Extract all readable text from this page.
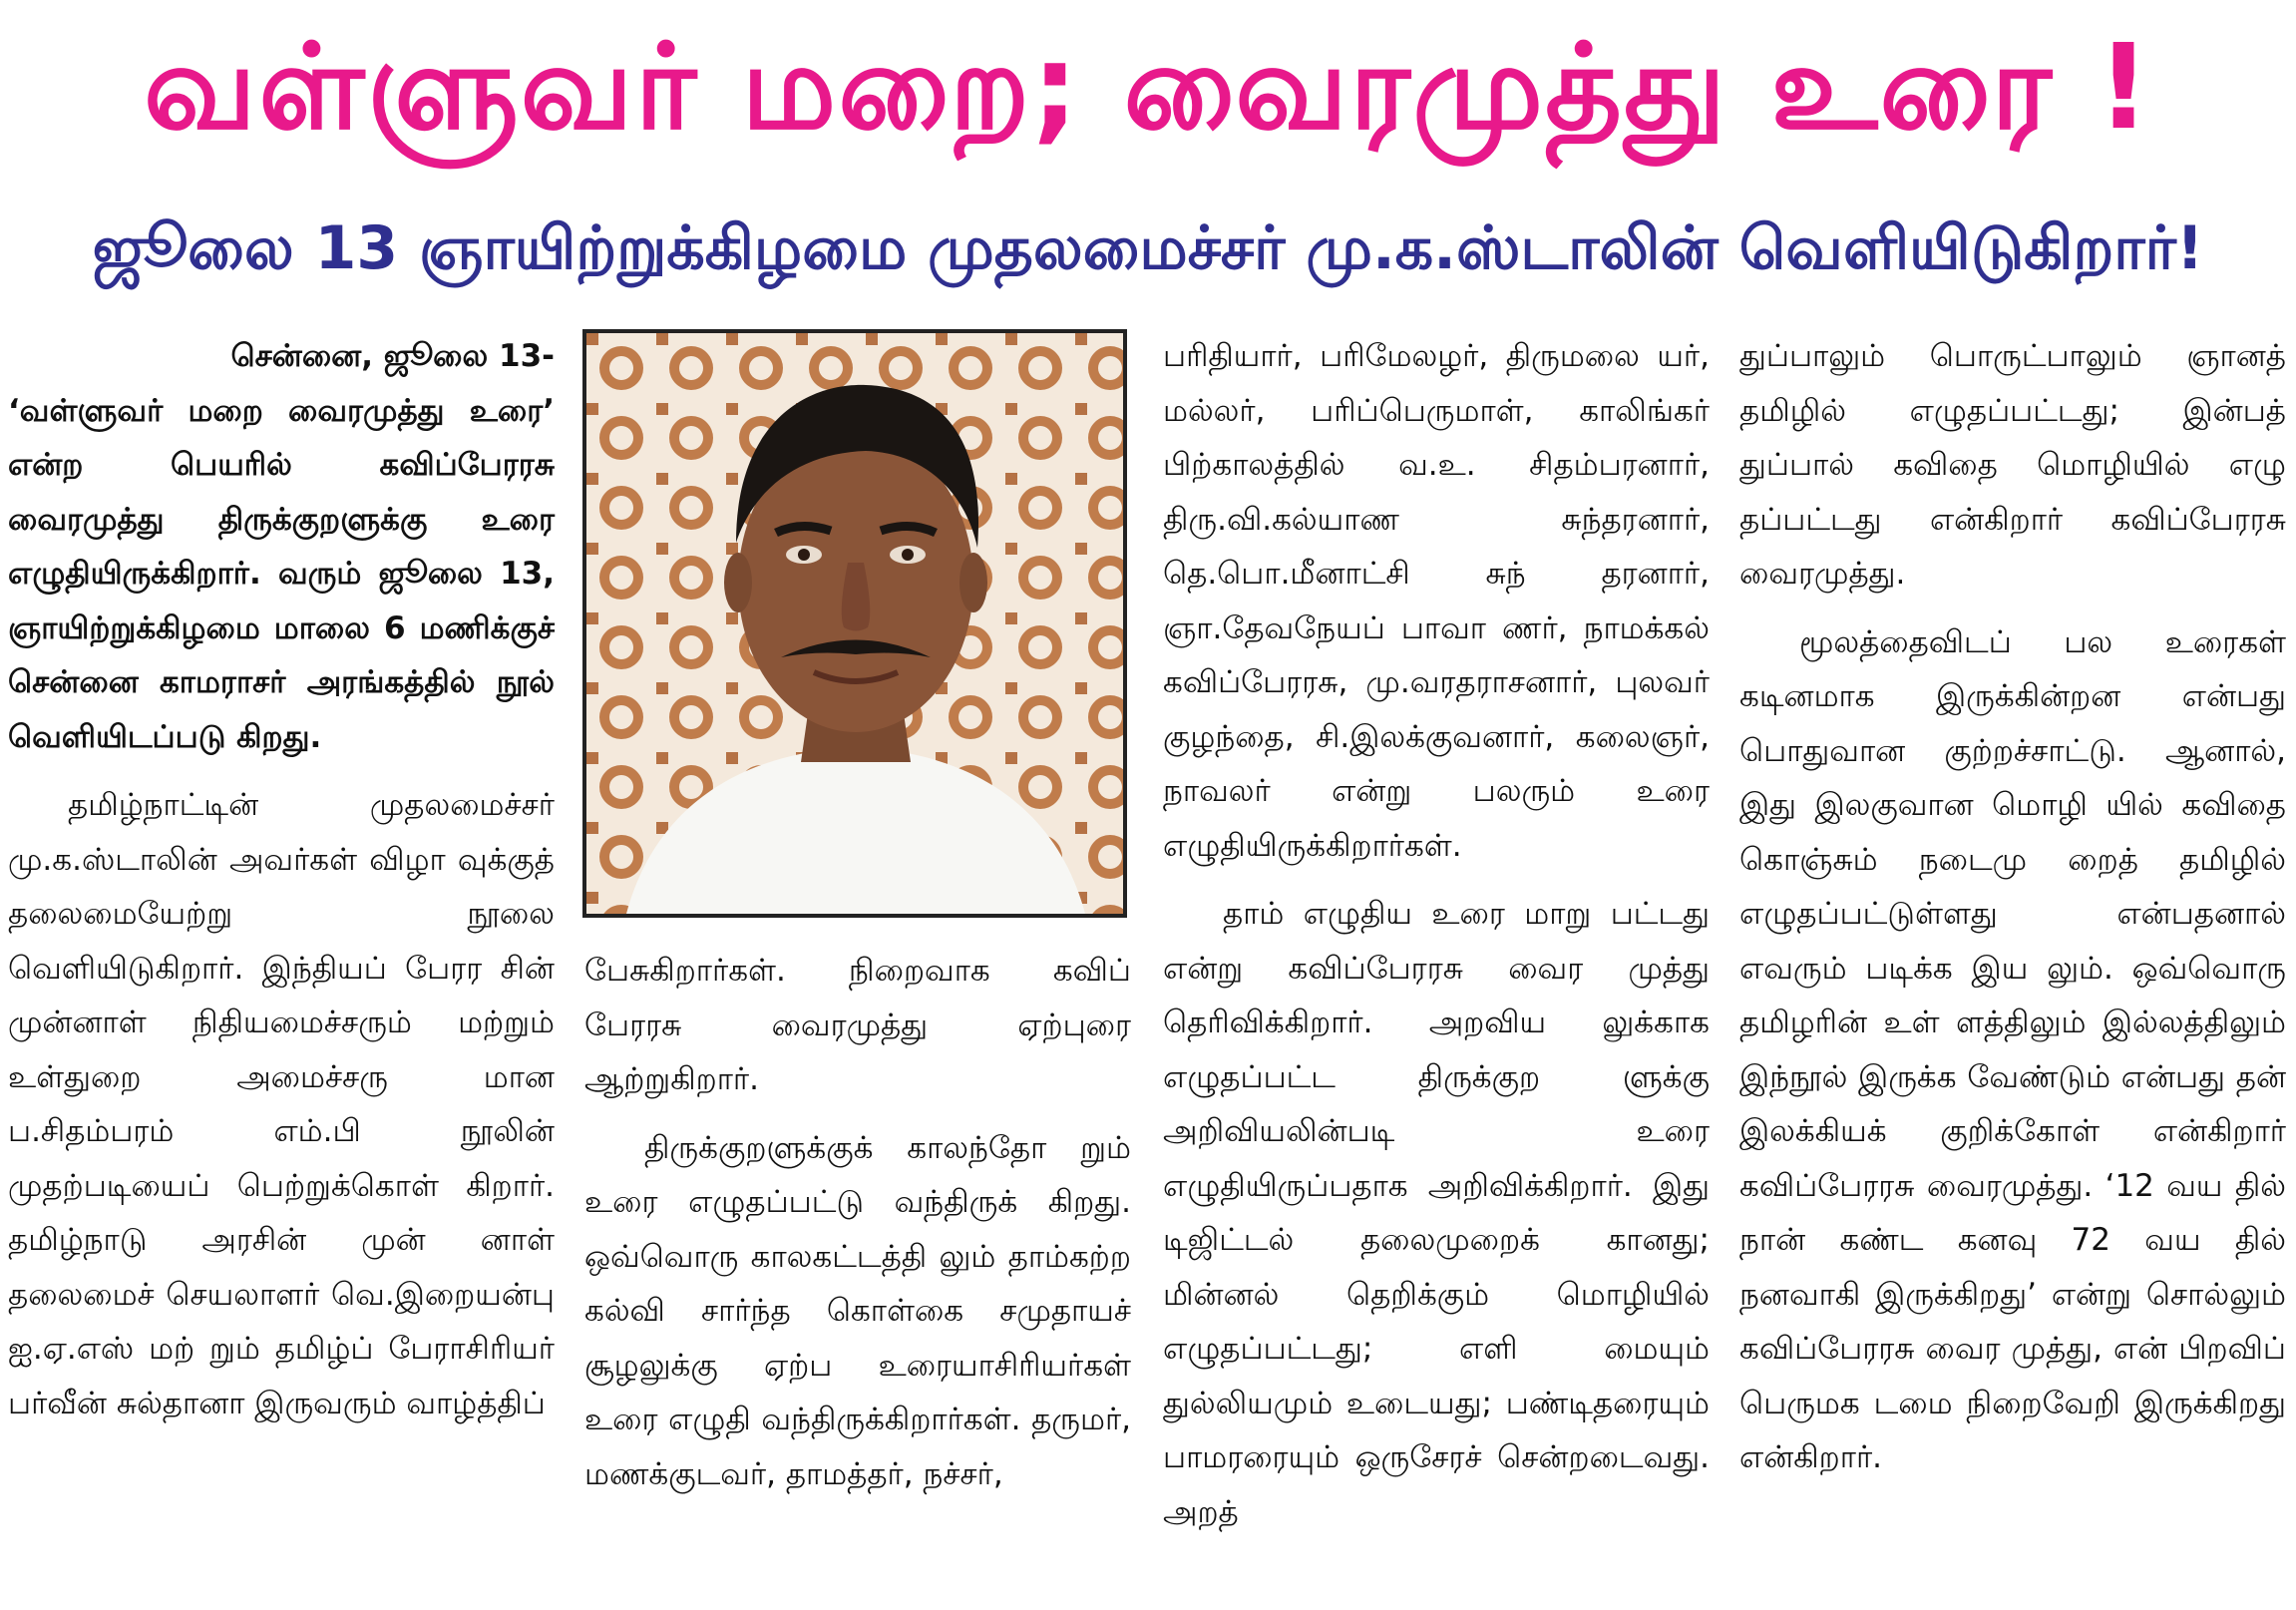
வள்ளுவர் மறை; வைரமுத்து உரை !
ஜூலை 13 ஞாயிற்றுக்கிழமை முதலமைச்சர் மு.க.ஸ்டாலின் வெளியிடுகிறார்!

சென்னை, ஜூலை 13-

‘வள்ளுவர் மறை வைரமுத்து உரை’ என்ற பெயரில் கவிப்பேரரசு வைரமுத்து திருக்குறளுக்கு உரை எழுதியிருக்கிறார். வரும் ஜூலை 13, ஞாயிற்றுக்கிழமை மாலை 6 மணிக்குச் சென்னை காமராசர் அரங்கத்தில் நூல் வெளியிடப்படு கிறது.

தமிழ்நாட்டின் முதலமைச்சர் மு.க.ஸ்டாலின் அவர்கள் விழா வுக்குத் தலைமையேற்று நூலை வெளியிடுகிறார். இந்தியப் பேரர சின் முன்னாள் நிதியமைச்சரும் மற்றும் உள்துறை அமைச்சரு மான ப.சிதம்பரம் எம்.பி நூலின் முதற்படியைப் பெற்றுக்கொள் கிறார். தமிழ்நாடு அரசின் முன் னாள் தலைமைச் செயலாளர் வெ.இறையன்பு ஐ.ஏ.எஸ் மற் றும் தமிழ்ப் பேராசிரியர் பர்வீன் சுல்தானா இருவரும் வாழ்த்திப்

பேசுகிறார்கள். நிறைவாக கவிப் பேரரசு வைரமுத்து ஏற்புரை ஆற்றுகிறார்.

திருக்குறளுக்குக் காலந்தோ றும் உரை எழுதப்பட்டு வந்திருக் கிறது. ஒவ்வொரு காலகட்டத்தி லும் தாம்கற்ற கல்வி சார்ந்த கொள்கை சமுதாயச் சூழலுக்கு ஏற்ப உரையாசிரியர்கள் உரை எழுதி வந்திருக்கிறார்கள். தருமர், மணக்குடவர், தாமத்தர், நச்சர்,

பரிதியார், பரிமேலழர், திருமலை யர், மல்லர், பரிப்பெருமாள், காலிங்கர் பிற்காலத்தில் வ.உ. சிதம்பரனார், திரு.வி.கல்யாண சுந்தரனார், தெ.பொ.மீனாட்சி சுந் தரனார், ஞா.தேவநேயப் பாவா ணர், நாமக்கல் கவிப்பேரரசு, மு.வரதராசனார், புலவர் குழந்தை, சி.இலக்குவனார், கலைஞர், நாவலர் என்று பலரும் உரை எழுதியிருக்கிறார்கள்.

தாம் எழுதிய உரை மாறு பட்டது என்று கவிப்பேரரசு வைர முத்து தெரிவிக்கிறார். அறவிய லுக்காக எழுதப்பட்ட திருக்குற ளுக்கு அறிவியலின்படி உரை எழுதியிருப்பதாக அறிவிக்கிறார். இது டிஜிட்டல் தலைமுறைக் கானது; மின்னல் தெறிக்கும் மொழியில் எழுதப்பட்டது; எளி மையும் துல்லியமும் உடையது; பண்டிதரையும் பாமரரையும் ஒருசேரச் சென்றடைவது. அறத்

துப்பாலும் பொருட்பாலும் ஞானத் தமிழில் எழுதப்பட்டது; இன்பத் துப்பால் கவிதை மொழியில் எழு தப்பட்டது என்கிறார் கவிப்பேரரசு வைரமுத்து.

மூலத்தைவிடப் பல உரைகள் கடினமாக இருக்கின்றன என்பது பொதுவான குற்றச்சாட்டு. ஆனால், இது இலகுவான மொழி யில் கவிதை கொஞ்சும் நடைமு றைத் தமிழில் எழுதப்பட்டுள்ளது என்பதனால் எவரும் படிக்க இய லும். ஒவ்வொரு தமிழரின் உள் ளத்திலும் இல்லத்திலும் இந்நூல் இருக்க வேண்டும் என்பது தன் இலக்கியக் குறிக்கோள் என்கிறார் கவிப்பேரரசு வைரமுத்து. ‘12 வய தில் நான் கண்ட கனவு 72 வய தில் நனவாகி இருக்கிறது’ என்று சொல்லும் கவிப்பேரரசு வைர முத்து, என் பிறவிப் பெருமக டமை நிறைவேறி இருக்கிறது என்கிறார்.
